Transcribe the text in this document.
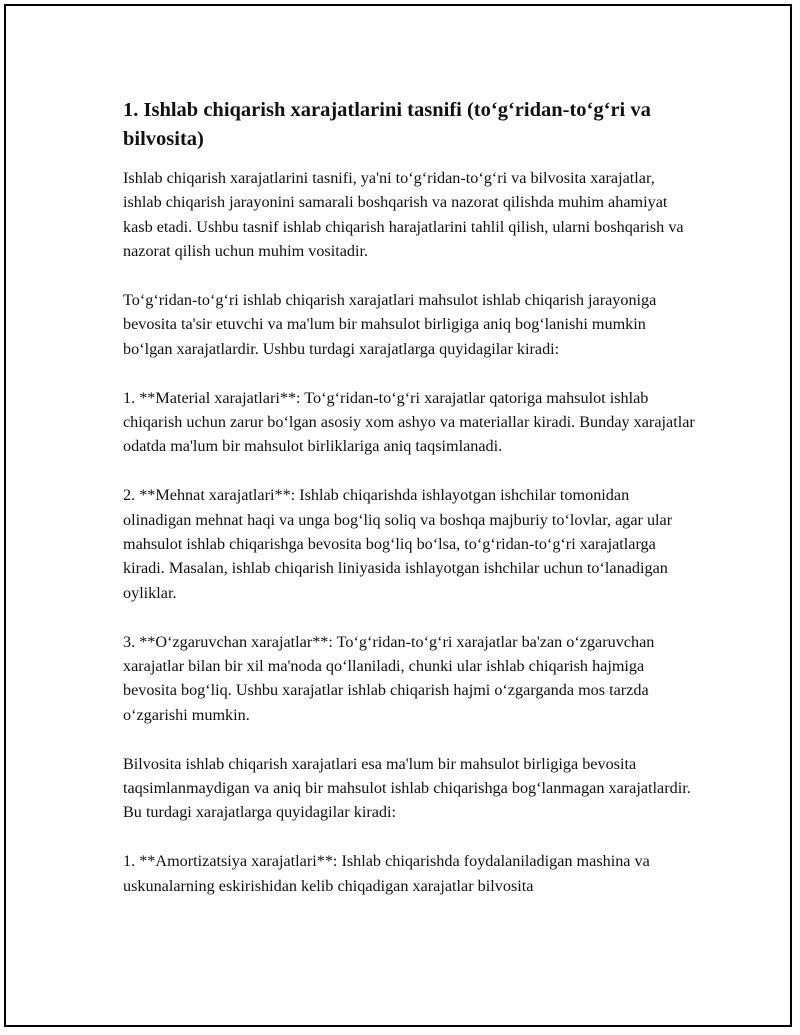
1. Ishlab chiqarish xarajatlarini tasnifi (to‘g‘ridan-to‘g‘ri va bilvosita)

Ishlab chiqarish xarajatlarini tasnifi, ya'ni to‘g‘ridan-to‘g‘ri va bilvosita xarajatlar, ishlab chiqarish jarayonini samarali boshqarish va nazorat qilishda muhim ahamiyat kasb etadi. Ushbu tasnif ishlab chiqarish harajatlarini tahlil qilish, ularni boshqarish va nazorat qilish uchun muhim vositadir.

To‘g‘ridan-to‘g‘ri ishlab chiqarish xarajatlari mahsulot ishlab chiqarish jarayoniga bevosita ta'sir etuvchi va ma'lum bir mahsulot birligiga aniq bog‘lanishi mumkin bo‘lgan xarajatlardir. Ushbu turdagi xarajatlarga quyidagilar kiradi:

1. **Material xarajatlari**: To‘g‘ridan-to‘g‘ri xarajatlar qatoriga mahsulot ishlab chiqarish uchun zarur bo‘lgan asosiy xom ashyo va materiallar kiradi. Bunday xarajatlar odatda ma'lum bir mahsulot birliklariga aniq taqsimlanadi.

2. **Mehnat xarajatlari**: Ishlab chiqarishda ishlayotgan ishchilar tomonidan olinadigan mehnat haqi va unga bog‘liq soliq va boshqa majburiy to‘lovlar, agar ular mahsulot ishlab chiqarishga bevosita bog‘liq bo‘lsa, to‘g‘ridan-to‘g‘ri xarajatlarga kiradi. Masalan, ishlab chiqarish liniyasida ishlayotgan ishchilar uchun to‘lanadigan oyliklar.

3. **O‘zgaruvchan xarajatlar**: To‘g‘ridan-to‘g‘ri xarajatlar ba'zan o‘zgaruvchan xarajatlar bilan bir xil ma'noda qo‘llaniladi, chunki ular ishlab chiqarish hajmiga bevosita bog‘liq. Ushbu xarajatlar ishlab chiqarish hajmi o‘zgarganda mos tarzda o‘zgarishi mumkin.

Bilvosita ishlab chiqarish xarajatlari esa ma'lum bir mahsulot birligiga bevosita taqsimlanmaydigan va aniq bir mahsulot ishlab chiqarishga bog‘lanmagan xarajatlardir. Bu turdagi xarajatlarga quyidagilar kiradi:

1. **Amortizatsiya xarajatlari**: Ishlab chiqarishda foydalaniladigan mashina va uskunalarning eskirishidan kelib chiqadigan xarajatlar bilvosita
